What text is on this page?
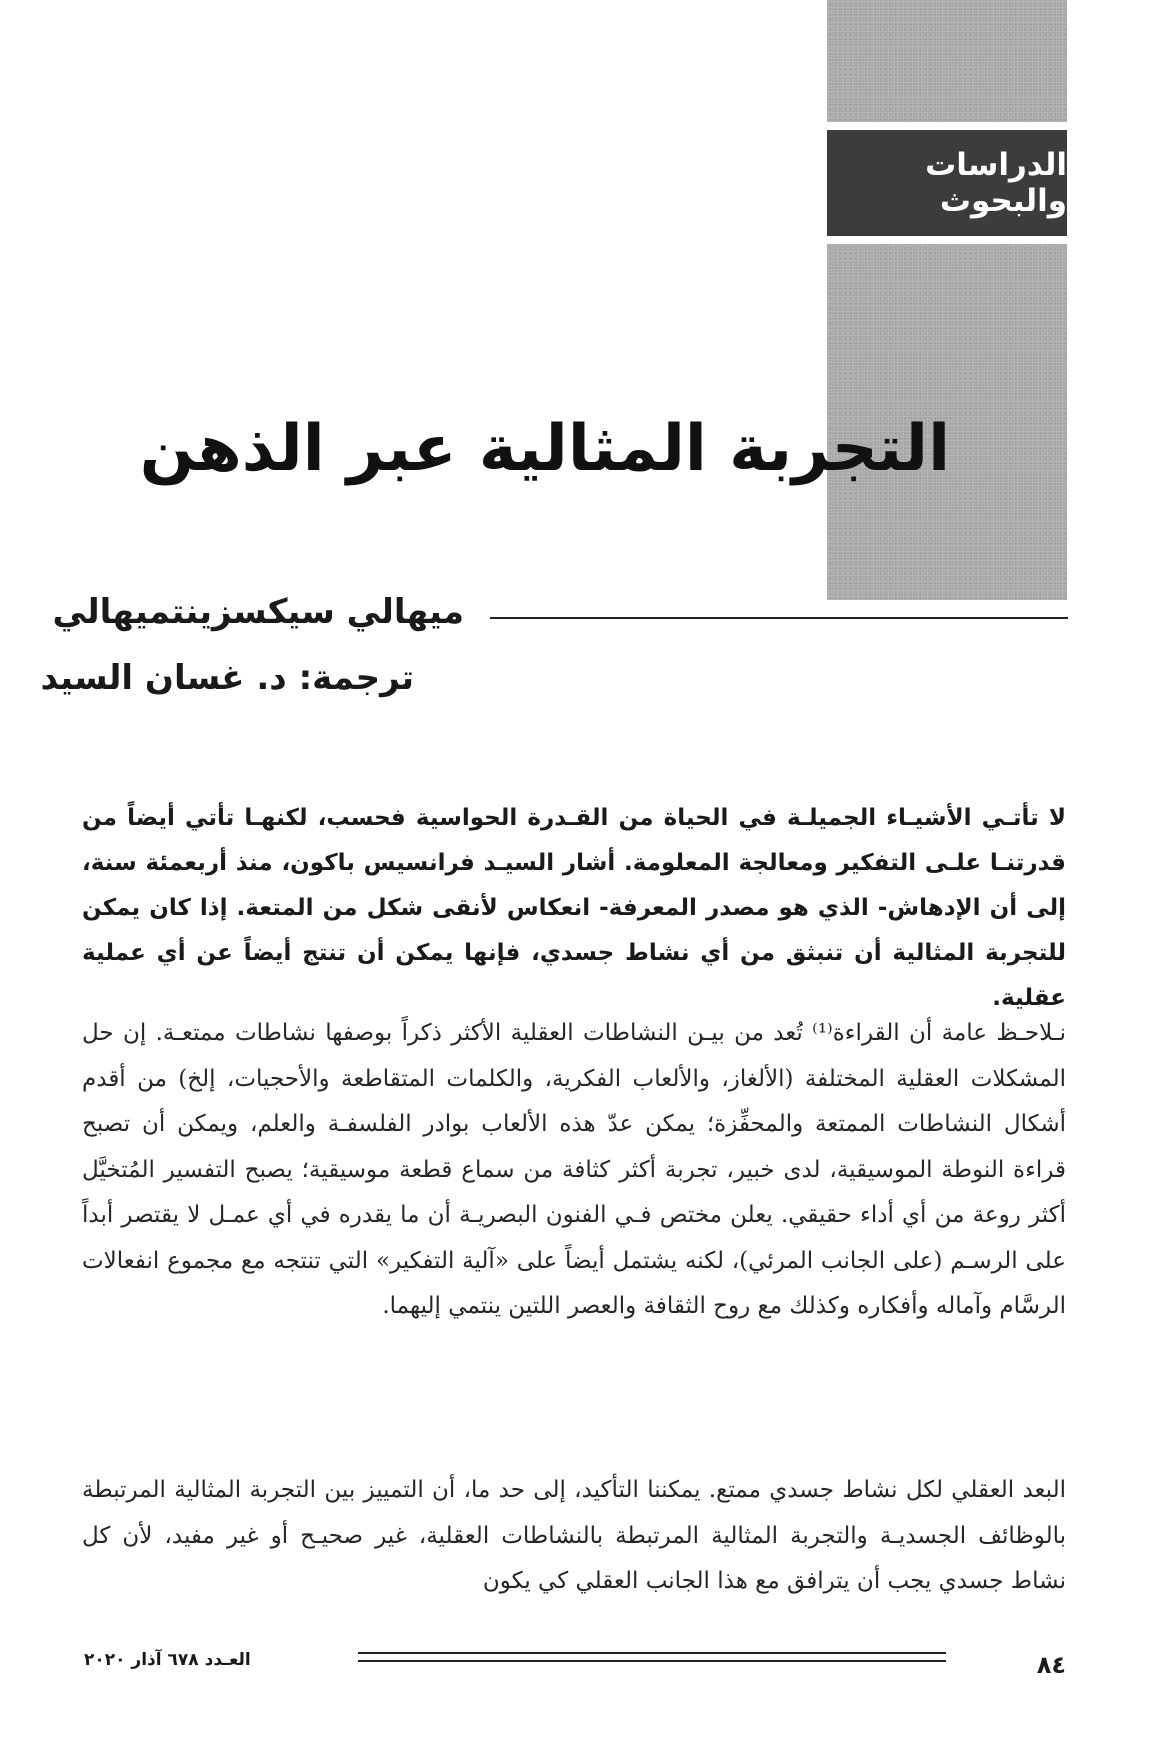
الدراسات والبحوث
التجربة المثالية عبر الذهن
ميهالي سيكسزينتميهالي
ترجمة: د. غسان السيد

لا تأتـي الأشيـاء الجميلـة في الحياة من القـدرة الحواسية فحسب، لكنهـا تأتي أيضاً من قدرتنـا علـى التفكير ومعالجة المعلومة. أشار السيـد فرانسيس باكون، منذ أربعمئة سنة، إلى أن الإدهاش- الذي هو مصدر المعرفة- انعكاس لأنقى شكل من المتعة. إذا كان يمكن للتجربة المثالية أن تنبثق من أي نشاط جسدي، فإنها يمكن أن تنتج أيضاً عن أي عملية عقلية.

نـلاحـظ عامة أن القراءة⁽¹⁾ تُعد من بيـن النشاطات العقلية الأكثر ذكراً بوصفها نشاطات ممتعـة. إن حل المشكلات العقلية المختلفة (الألغاز، والألعاب الفكرية، والكلمات المتقاطعة والأحجيات، إلخ) من أقدم أشكال النشاطات الممتعة والمحفِّزة؛ يمكن عدّ هذه الألعاب بوادر الفلسفـة والعلم، ويمكن أن تصبح قراءة النوطة الموسيقية، لدى خبير، تجربة أكثر كثافة من سماع قطعة موسيقية؛ يصبح التفسير المُتخيَّل أكثر روعة من أي أداء حقيقي. يعلن مختص فـي الفنون البصريـة أن ما يقدره في أي عمـل لا يقتصر أبداً على الرسـم (على الجانب المرئي)، لكنه يشتمل أيضاً على «آلية التفكير» التي تنتجه مع مجموع انفعالات الرسَّام وآماله وأفكاره وكذلك مع روح الثقافة والعصر اللتين ينتمي إليهما.

البعد العقلي لكل نشاط جسدي ممتع. يمكننا التأكيد، إلى حد ما، أن التمييز بين التجربة المثالية المرتبطة بالوظائف الجسديـة والتجربة المثالية المرتبطة بالنشاطات العقلية، غير صحيـح أو غير مفيد، لأن كل نشاط جسدي يجب أن يترافق مع هذا الجانب العقلي كي يكون

٨٤
العـدد ٦٧٨ آذار ٢٠٢٠
